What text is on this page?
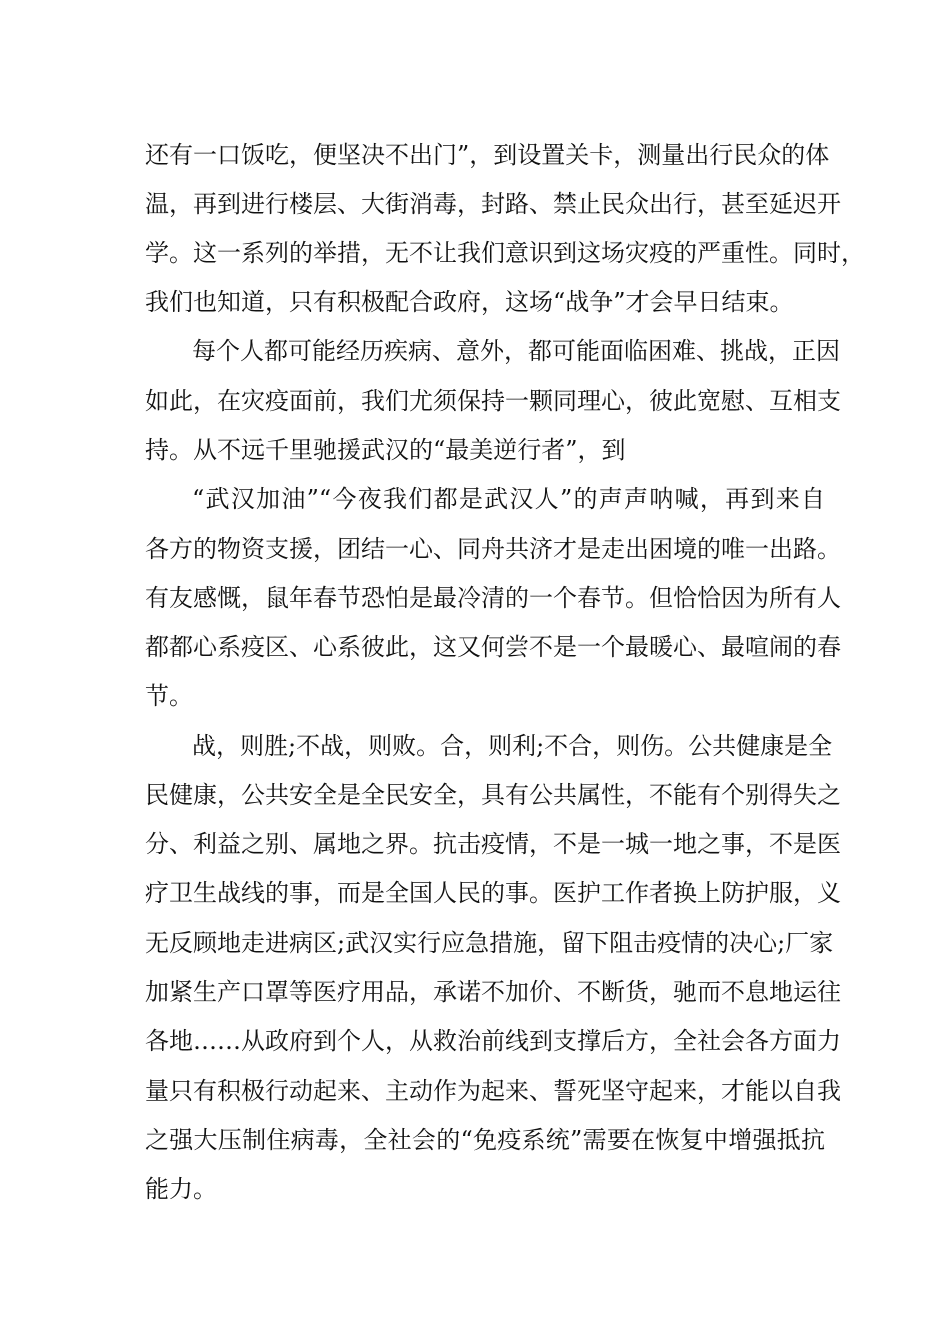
还有一口饭吃，便坚决不出门”，到设置关卡，测量出行民众的体
温，再到进行楼层、大街消毒，封路、禁止民众出行，甚至延迟开
学。这一系列的举措，无不让我们意识到这场灾疫的严重性。同时，
我们也知道，只有积极配合政府，这场“战争”才会早日结束。
每个人都可能经历疾病、意外，都可能面临困难、挑战，正因
如此，在灾疫面前，我们尤须保持一颗同理心，彼此宽慰、互相支
持。从不远千里驰援武汉的“最美逆行者”，到
“武汉加油”“今夜我们都是武汉人”的声声呐喊，再到来自
各方的物资支援，团结一心、同舟共济才是走出困境的唯一出路。
有友感慨，鼠年春节恐怕是最冷清的一个春节。但恰恰因为所有人
都都心系疫区、心系彼此，这又何尝不是一个最暖心、最喧闹的春
节。
战，则胜;不战，则败。合，则利;不合，则伤。公共健康是全
民健康，公共安全是全民安全，具有公共属性，不能有个别得失之
分、利益之别、属地之界。抗击疫情，不是一城一地之事，不是医
疗卫生战线的事，而是全国人民的事。医护工作者换上防护服，义
无反顾地走进病区;武汉实行应急措施，留下阻击疫情的决心;厂家
加紧生产口罩等医疗用品，承诺不加价、不断货，驰而不息地运往
各地……从政府到个人，从救治前线到支撑后方，全社会各方面力
量只有积极行动起来、主动作为起来、誓死坚守起来，才能以自我
之强大压制住病毒，全社会的“免疫系统”需要在恢复中增强抵抗
能力。
